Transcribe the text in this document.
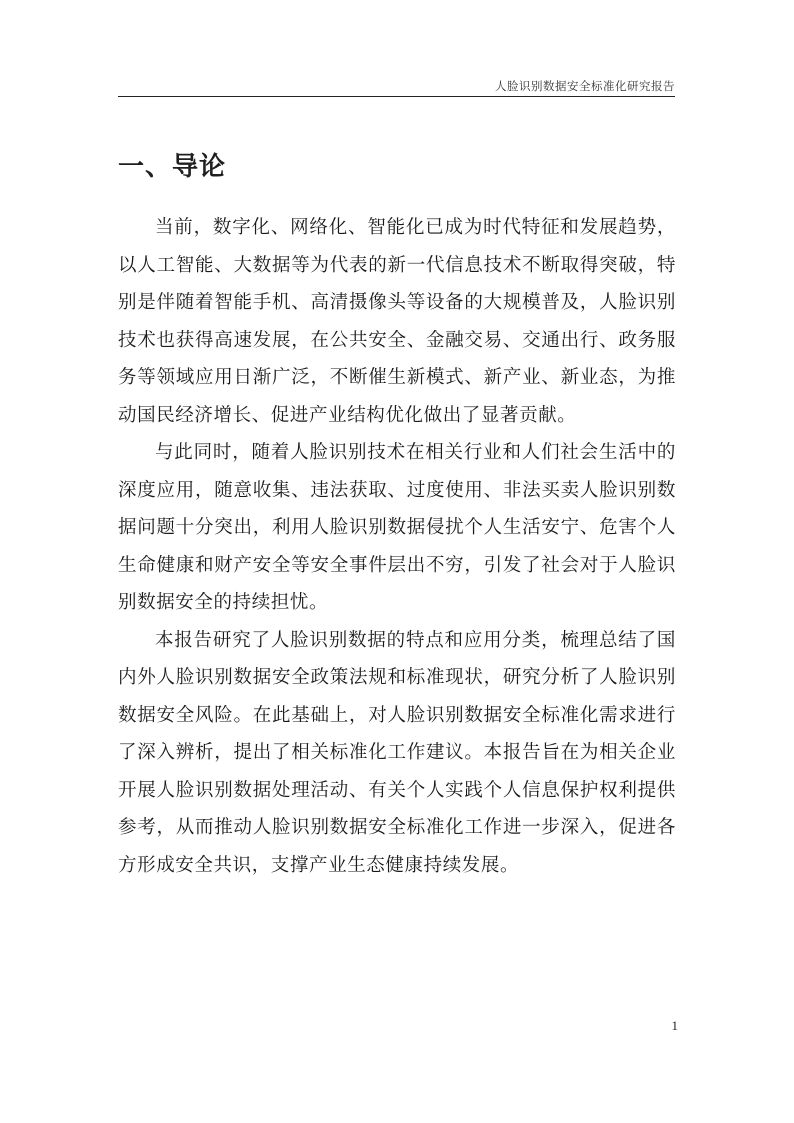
人脸识别数据安全标准化研究报告
一、导论

当前，数字化、网络化、智能化已成为时代特征和发展趋势，以人工智能、大数据等为代表的新一代信息技术不断取得突破，特别是伴随着智能手机、高清摄像头等设备的大规模普及，人脸识别技术也获得高速发展，在公共安全、金融交易、交通出行、政务服务等领域应用日渐广泛，不断催生新模式、新产业、新业态，为推动国民经济增长、促进产业结构优化做出了显著贡献。

与此同时，随着人脸识别技术在相关行业和人们社会生活中的深度应用，随意收集、违法获取、过度使用、非法买卖人脸识别数据问题十分突出，利用人脸识别数据侵扰个人生活安宁、危害个人生命健康和财产安全等安全事件层出不穷，引发了社会对于人脸识别数据安全的持续担忧。

本报告研究了人脸识别数据的特点和应用分类，梳理总结了国内外人脸识别数据安全政策法规和标准现状，研究分析了人脸识别数据安全风险。在此基础上，对人脸识别数据安全标准化需求进行了深入辨析，提出了相关标准化工作建议。本报告旨在为相关企业开展人脸识别数据处理活动、有关个人实践个人信息保护权利提供参考，从而推动人脸识别数据安全标准化工作进一步深入，促进各方形成安全共识，支撑产业生态健康持续发展。

1
